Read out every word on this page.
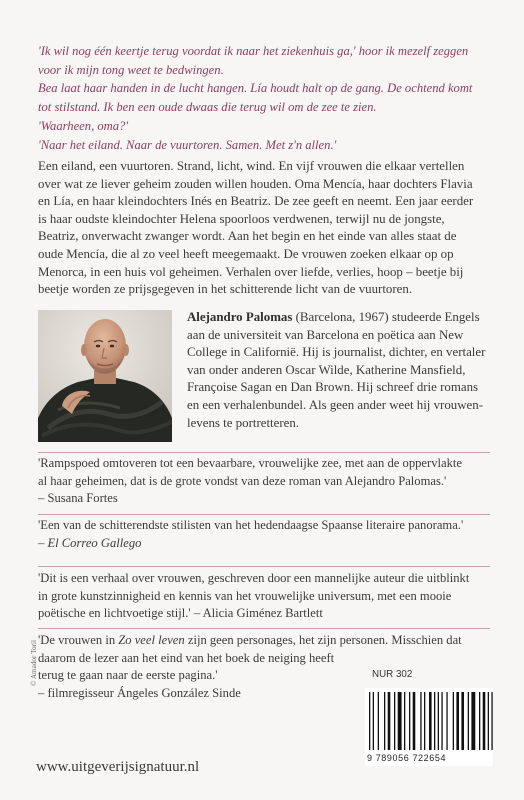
'Ik wil nog één keertje terug voordat ik naar het ziekenhuis ga,' hoor ik mezelf zeggen
voor ik mijn tong weet te bedwingen.
Bea laat haar handen in de lucht hangen. Lía houdt halt op de gang. De ochtend komt
tot stilstand. Ik ben een oude dwaas die terug wil om de zee te zien.
'Waarheen, oma?'
'Naar het eiland. Naar de vuurtoren. Samen. Met z'n allen.'
Een eiland, een vuurtoren. Strand, licht, wind. En vijf vrouwen die elkaar vertellen
over wat ze liever geheim zouden willen houden. Oma Mencía, haar dochters Flavia
en Lía, en haar kleindochters Inés en Beatriz. De zee geeft en neemt. Een jaar eerder
is haar oudste kleindochter Helena spoorloos verdwenen, terwijl nu de jongste,
Beatriz, onverwacht zwanger wordt. Aan het begin en het einde van alles staat de
oude Mencía, die al zo veel heeft meegemaakt. De vrouwen zoeken elkaar op op
Menorca, in een huis vol geheimen. Verhalen over liefde, verlies, hoop – beetje bij
beetje worden ze prijsgegeven in het schitterende licht van de vuurtoren.
© Amador Toril
Alejandro Palomas (Barcelona, 1967) studeerde Engels
aan de universiteit van Barcelona en poëtica aan New
College in Californië. Hij is journalist, dichter, en vertaler
van onder anderen Oscar Wilde, Katherine Mansfield,
Françoise Sagan en Dan Brown. Hij schreef drie romans
en een verhalenbundel. Als geen ander weet hij vrouwen-
levens te portretteren.
'Rampspoed omtoveren tot een bevaarbare, vrouwelijke zee, met aan de oppervlakte
al haar geheimen, dat is de grote vondst van deze roman van Alejandro Palomas.'
– Susana Fortes
'Een van de schitterendste stilisten van het hedendaagse Spaanse literaire panorama.'
– El Correo Gallego
'Dit is een verhaal over vrouwen, geschreven door een mannelijke auteur die uitblinkt
in grote kunstzinnigheid en kennis van het vrouwelijke universum, met een mooie
poëtische en lichtvoetige stijl.' – Alicia Giménez Bartlett
'De vrouwen in Zo veel leven zijn geen personages, het zijn personen. Misschien dat
daarom de lezer aan het eind van het boek de neiging heeft
terug te gaan naar de eerste pagina.'
– filmregisseur Ángeles González Sinde
NUR 302
9 789056 722654
www.uitgeverijsignatuur.nl
